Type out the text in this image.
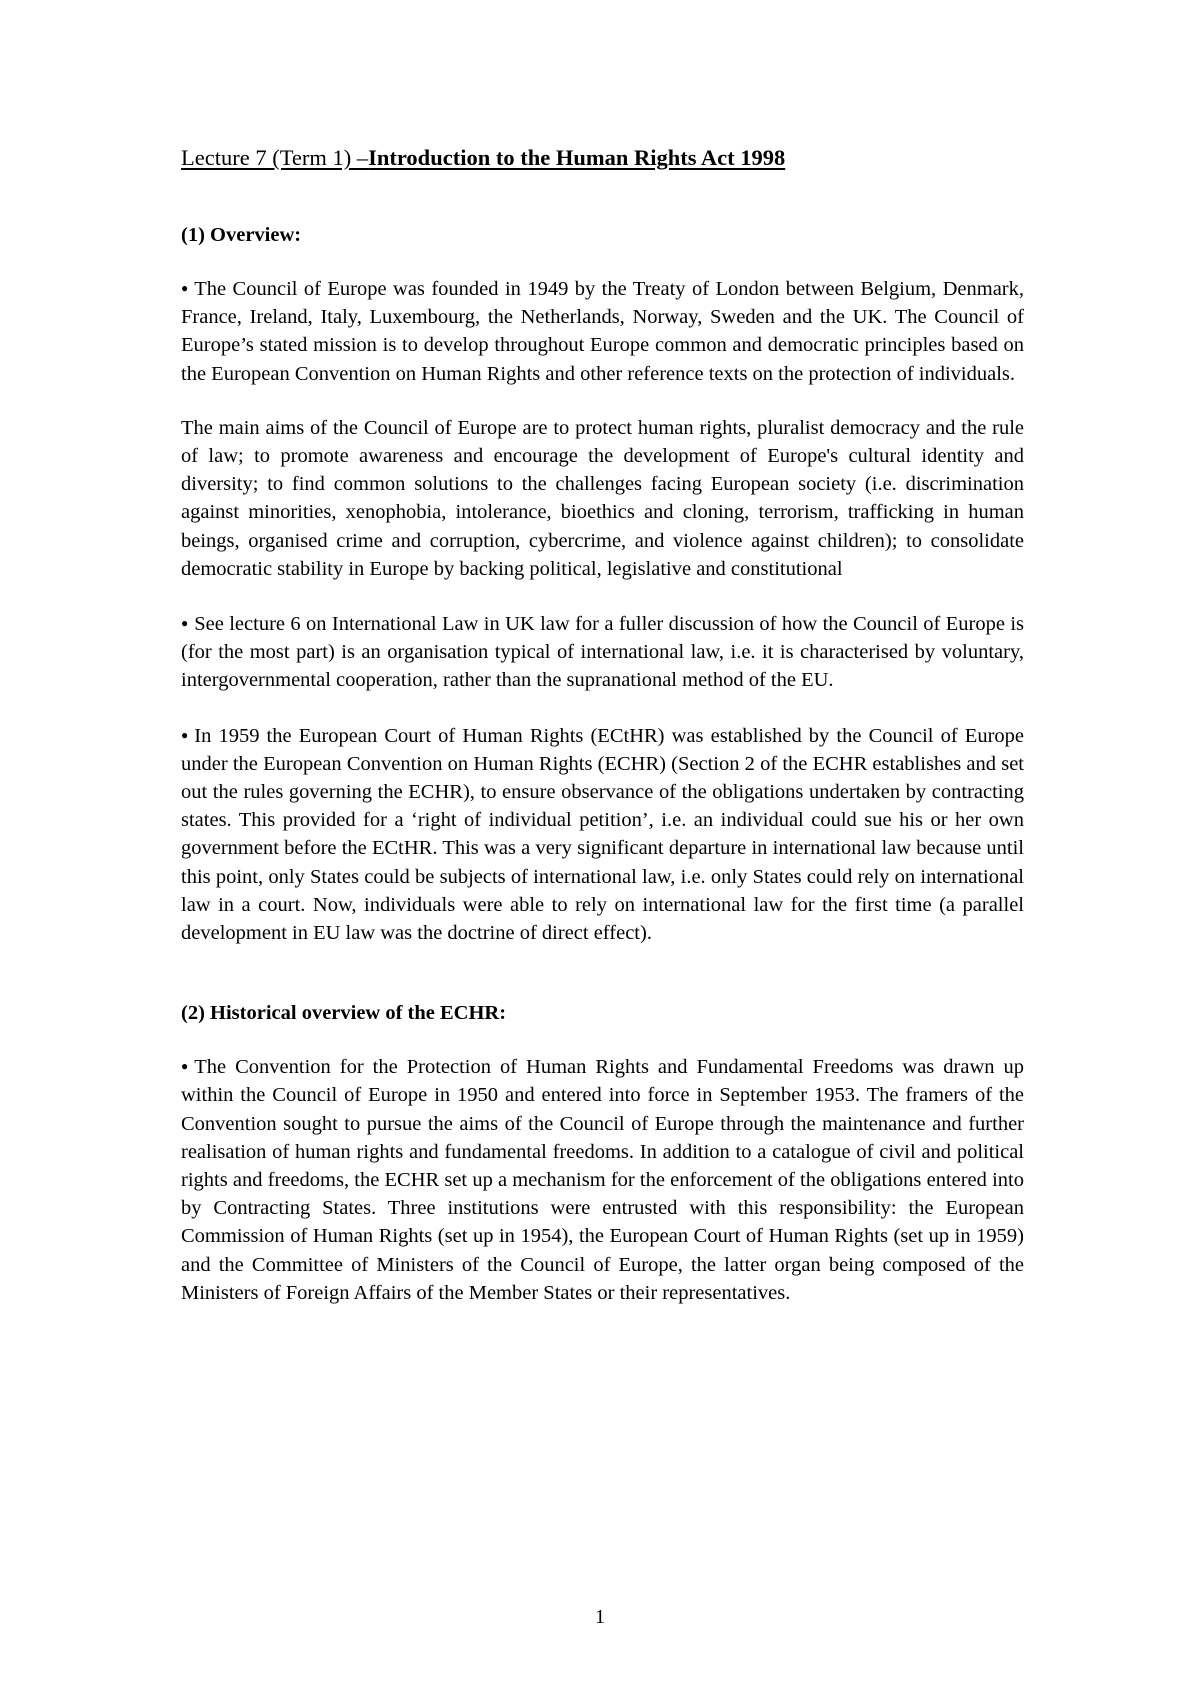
Lecture 7 (Term 1) –Introduction to the Human Rights Act 1998
(1) Overview:

● The Council of Europe was founded in 1949 by the Treaty of London between Belgium, Denmark, France, Ireland, Italy, Luxembourg, the Netherlands, Norway, Sweden and the UK. The Council of Europe’s stated mission is to develop throughout Europe common and democratic principles based on the European Convention on Human Rights and other reference texts on the protection of individuals.

The main aims of the Council of Europe are to protect human rights, pluralist democracy and the rule of law; to promote awareness and encourage the development of Europe's cultural identity and diversity; to find common solutions to the challenges facing European society (i.e. discrimination against minorities, xenophobia, intolerance, bioethics and cloning, terrorism, trafficking in human beings, organised crime and corruption, cybercrime, and violence against children); to consolidate democratic stability in Europe by backing political, legislative and constitutional

● See lecture 6 on International Law in UK law for a fuller discussion of how the Council of Europe is (for the most part) is an organisation typical of international law, i.e. it is characterised by voluntary, intergovernmental cooperation, rather than the supranational method of the EU.

● In 1959 the European Court of Human Rights (ECtHR) was established by the Council of Europe under the European Convention on Human Rights (ECHR) (Section 2 of the ECHR establishes and set out the rules governing the ECHR), to ensure observance of the obligations undertaken by contracting states. This provided for a ‘right of individual petition’, i.e. an individual could sue his or her own government before the ECtHR. This was a very significant departure in international law because until this point, only States could be subjects of international law, i.e. only States could rely on international law in a court. Now, individuals were able to rely on international law for the first time (a parallel development in EU law was the doctrine of direct effect).

(2) Historical overview of the ECHR:

● The Convention for the Protection of Human Rights and Fundamental Freedoms was drawn up within the Council of Europe in 1950 and entered into force in September 1953. The framers of the Convention sought to pursue the aims of the Council of Europe through the maintenance and further realisation of human rights and fundamental freedoms. In addition to a catalogue of civil and political rights and freedoms, the ECHR set up a mechanism for the enforcement of the obligations entered into by Contracting States. Three institutions were entrusted with this responsibility: the European Commission of Human Rights (set up in 1954), the European Court of Human Rights (set up in 1959) and the Committee of Ministers of the Council of Europe, the latter organ being composed of the Ministers of Foreign Affairs of the Member States or their representatives.

1
